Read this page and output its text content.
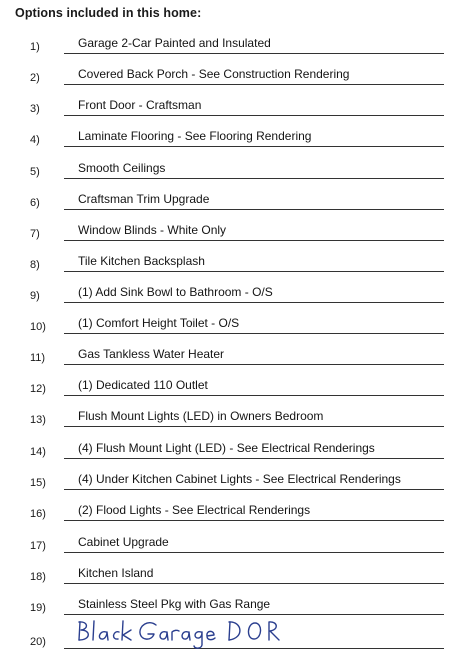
Options included in this home:
1)	Garage 2-Car Painted and Insulated
2)	Covered Back Porch - See Construction Rendering
3)	Front Door - Craftsman
4)	Laminate Flooring - See Flooring Rendering
5)	Smooth Ceilings
6)	Craftsman Trim Upgrade
7)	Window Blinds - White Only
8)	Tile Kitchen Backsplash
9)	(1) Add Sink Bowl to Bathroom - O/S
10)	(1) Comfort Height Toilet - O/S
11)	Gas Tankless Water Heater
12)	(1) Dedicated 110 Outlet
13)	Flush Mount Lights (LED) in Owners Bedroom
14)	(4) Flush Mount Light (LED) - See Electrical Renderings
15)	(4) Under Kitchen Cabinet Lights - See Electrical Renderings
16)	(2) Flood Lights - See Electrical Renderings
17)	Cabinet Upgrade
18)	Kitchen Island
19)	Stainless Steel Pkg with Gas Range
20)
